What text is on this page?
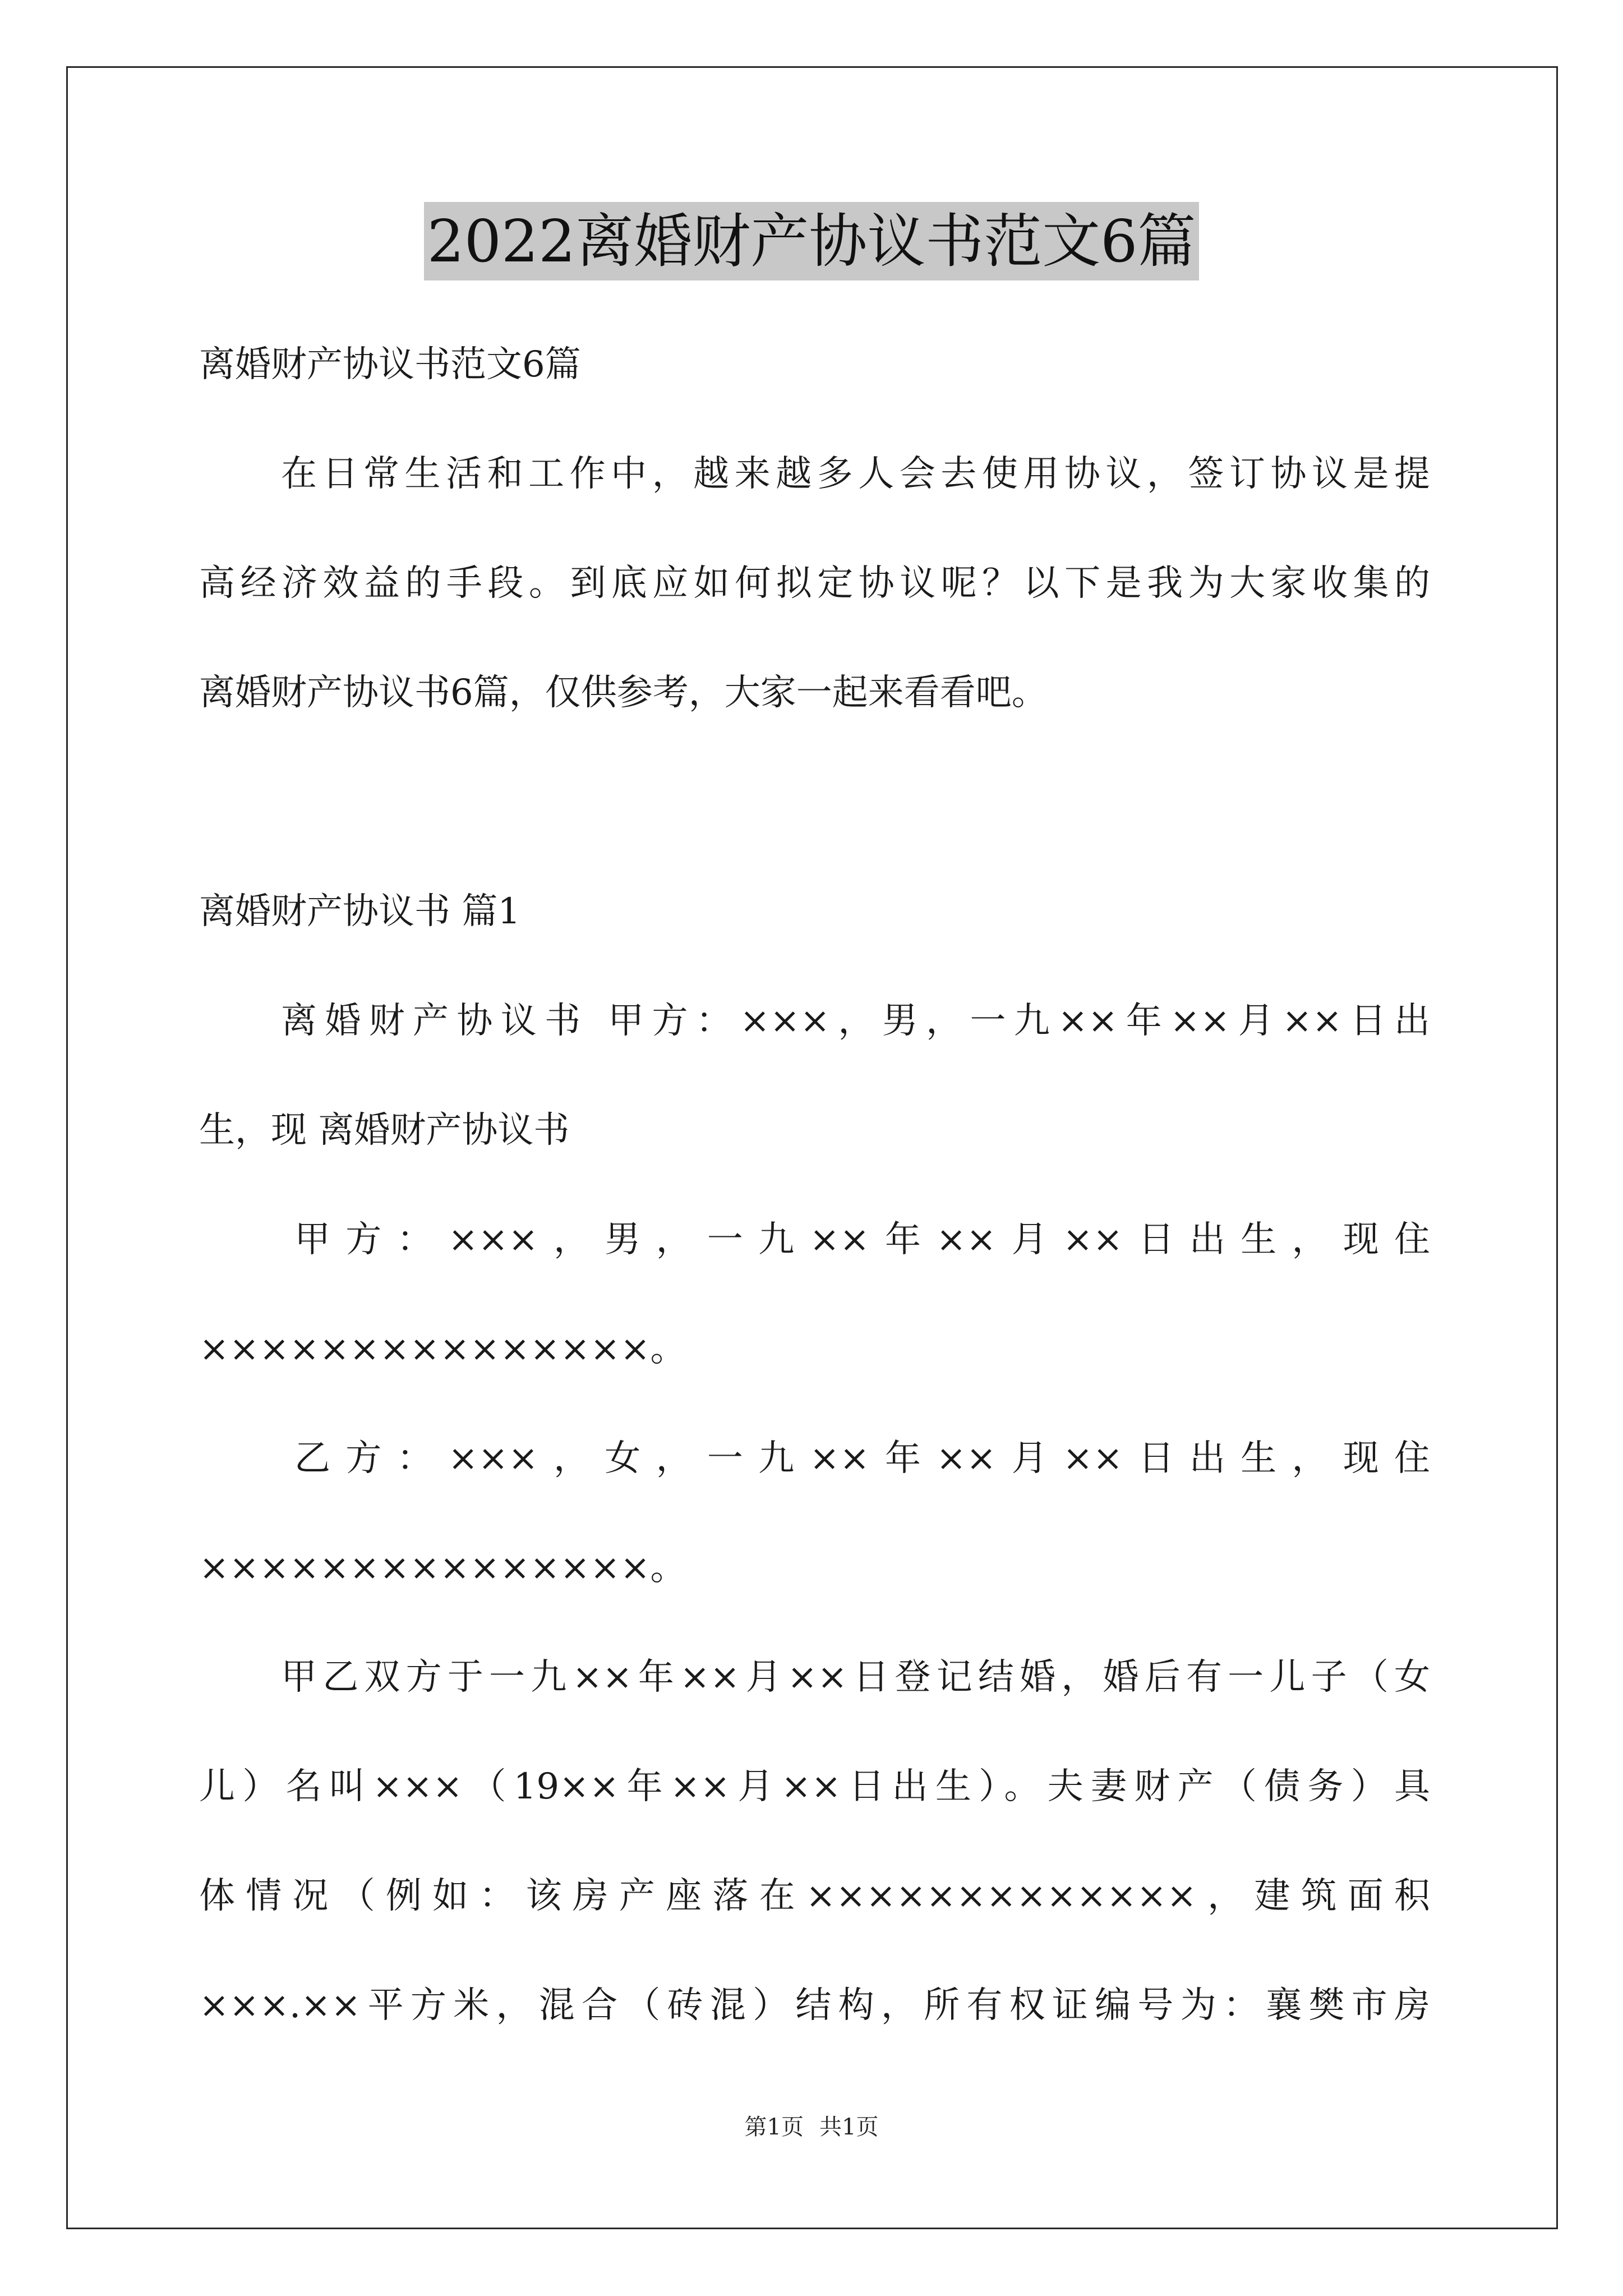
2022离婚财产协议书范文6篇
离婚财产协议书范文6篇
在日常生活和工作中，越来越多人会去使用协议，签订协议是提
高经济效益的手段。到底应如何拟定协议呢？以下是我为大家收集的
离婚财产协议书6篇，仅供参考，大家一起来看看吧。
离婚财产协议书 篇1
离婚财产协议书 甲方：×××，男，一九××年××月××日出
生，现 离婚财产协议书
甲方：×××，男，一九××年××月××日出生，现住
×××××××××××××××。
乙方：×××，女，一九××年××月××日出生，现住
×××××××××××××××。
甲乙双方于一九××年××月××日登记结婚，婚后有一儿子（女
儿）名叫×××（19××年××月××日出生）。夫妻财产（债务）具
体情况（例如：该房产座落在×××××××××××××，建筑面积
×××.××平方米，混合（砖混）结构，所有权证编号为：襄樊市房
第1页 共1页
